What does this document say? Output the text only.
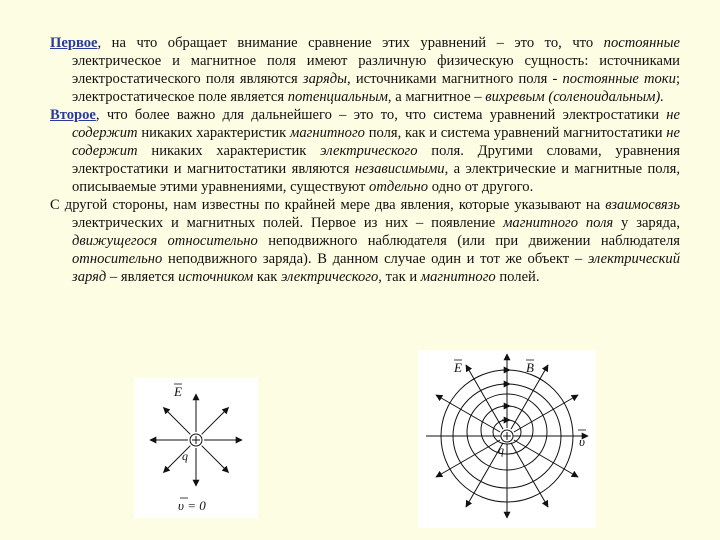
Первое, на что обращает внимание сравнение этих уравнений – это то, что постоянные электрическое и магнитное поля имеют различную физическую сущность: источниками электростатического поля являются заряды, источниками магнитного поля - постоянные токи; электростатическое поле является потенциальным, а магнитное – вихревым (соленоидальным).

Второе, что более важно для дальнейшего – это то, что система уравнений электростатики не содержит никаких характеристик магнитного поля, как и система уравнений магнитостатики не содержит никаких характеристик электрического поля. Другими словами, уравнения электростатики и магнитостатики являются независимыми, а электрические и магнитные поля, описываемые этими уравнениями, существуют отдельно одно от другого.

С другой стороны, нам известны по крайней мере два явления, которые указывают на взаимосвязь электрических и магнитных полей. Первое из них – появление магнитного поля у заряда, движущегося относительно неподвижного наблюдателя (или при движении наблюдателя относительно неподвижного заряда). В данном случае один и тот же объект – электрический заряд – является источником как электрического, так и магнитного полей.

E
q
υ = 0
E	B
q
υ
